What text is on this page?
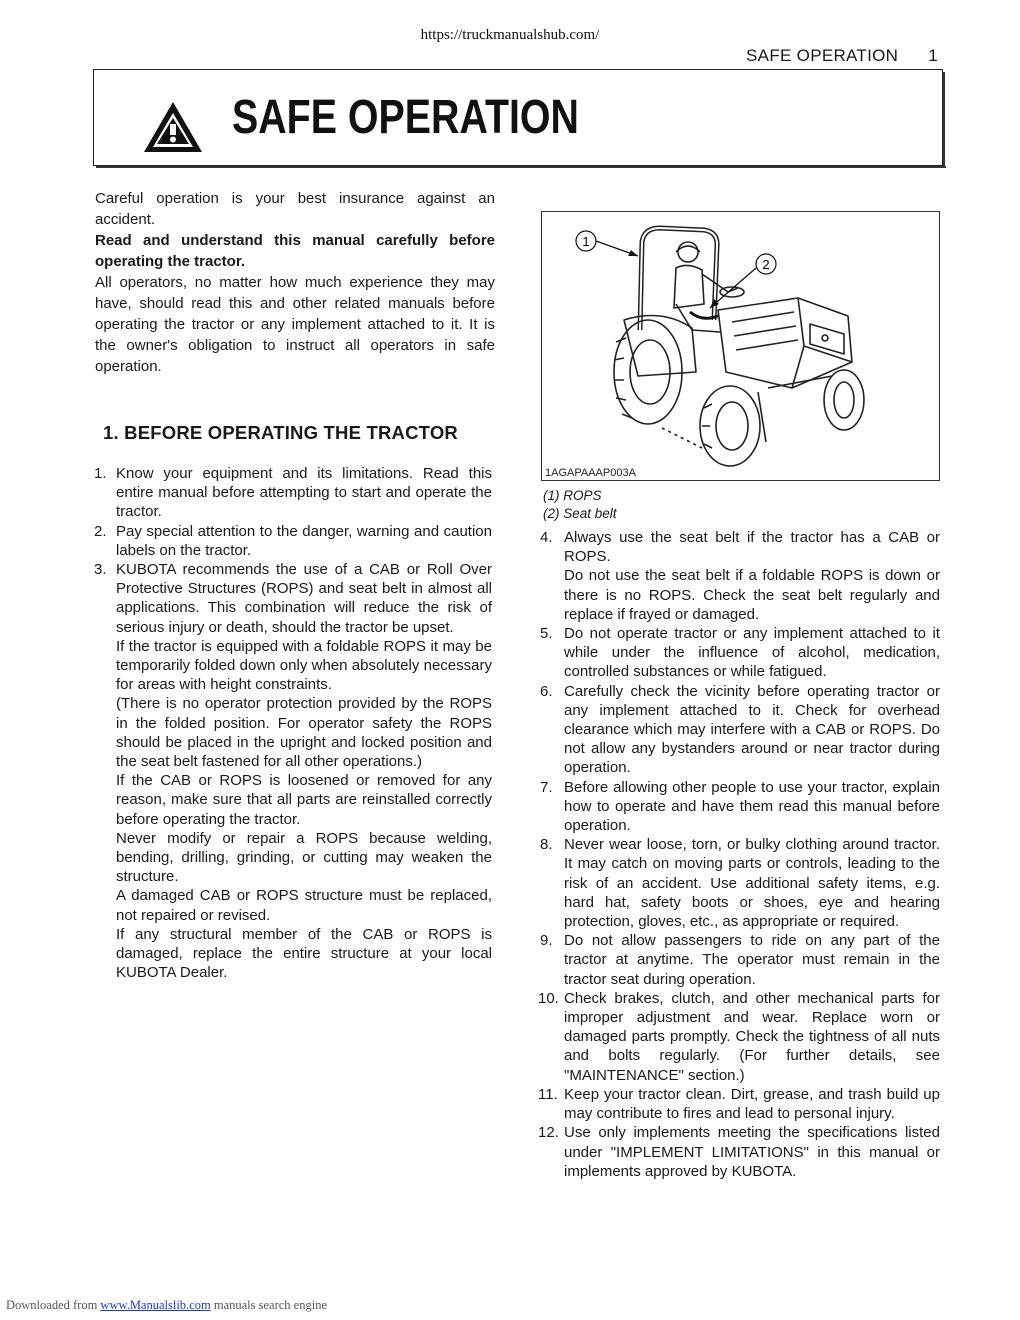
https://truckmanualshub.com/
SAFE OPERATION 1
SAFE OPERATION

Careful operation is your best insurance against an accident.

Read and understand this manual carefully before operating the tractor.

All operators, no matter how much experience they may have, should read this and other related manuals before operating the tractor or any implement attached to it. It is the owner's obligation to instruct all operators in safe operation.

1. BEFORE OPERATING THE TRACTOR
1. Know your equipment and its limitations. Read this entire manual before attempting to start and operate the tractor.

2. Pay special attention to the danger, warning and caution labels on the tractor.

3. KUBOTA recommends the use of a CAB or Roll Over Protective Structures (ROPS) and seat belt in almost all applications. This combination will reduce the risk of serious injury or death, should the tractor be upset.

If the tractor is equipped with a foldable ROPS it may be temporarily folded down only when absolutely necessary for areas with height constraints.

(There is no operator protection provided by the ROPS in the folded position. For operator safety the ROPS should be placed in the upright and locked position and the seat belt fastened for all other operations.)

If the CAB or ROPS is loosened or removed for any reason, make sure that all parts are reinstalled correctly before operating the tractor.

Never modify or repair a ROPS because welding, bending, drilling, grinding, or cutting may weaken the structure.

A damaged CAB or ROPS structure must be replaced, not repaired or revised.

If any structural member of the CAB or ROPS is damaged, replace the entire structure at your local KUBOTA Dealer.

1
2
1AGAPAAAP003A
(1) ROPS
(2) Seat belt
4. Always use the seat belt if the tractor has a CAB or ROPS.

Do not use the seat belt if a foldable ROPS is down or there is no ROPS. Check the seat belt regularly and replace if frayed or damaged.

5. Do not operate tractor or any implement attached to it while under the influence of alcohol, medication, controlled substances or while fatigued.

6. Carefully check the vicinity before operating tractor or any implement attached to it. Check for overhead clearance which may interfere with a CAB or ROPS. Do not allow any bystanders around or near tractor during operation.

7. Before allowing other people to use your tractor, explain how to operate and have them read this manual before operation.

8. Never wear loose, torn, or bulky clothing around tractor. It may catch on moving parts or controls, leading to the risk of an accident. Use additional safety items, e.g. hard hat, safety boots or shoes, eye and hearing protection, gloves, etc., as appropriate or required.

9. Do not allow passengers to ride on any part of the tractor at anytime. The operator must remain in the tractor seat during operation.

10. Check brakes, clutch, and other mechanical parts for improper adjustment and wear. Replace worn or damaged parts promptly. Check the tightness of all nuts and bolts regularly. (For further details, see "MAINTENANCE" section.)

11. Keep your tractor clean. Dirt, grease, and trash build up may contribute to fires and lead to personal injury.

12. Use only implements meeting the specifications listed under "IMPLEMENT LIMITATIONS" in this manual or implements approved by KUBOTA.

Downloaded from www.Manualslib.com manuals search engine
